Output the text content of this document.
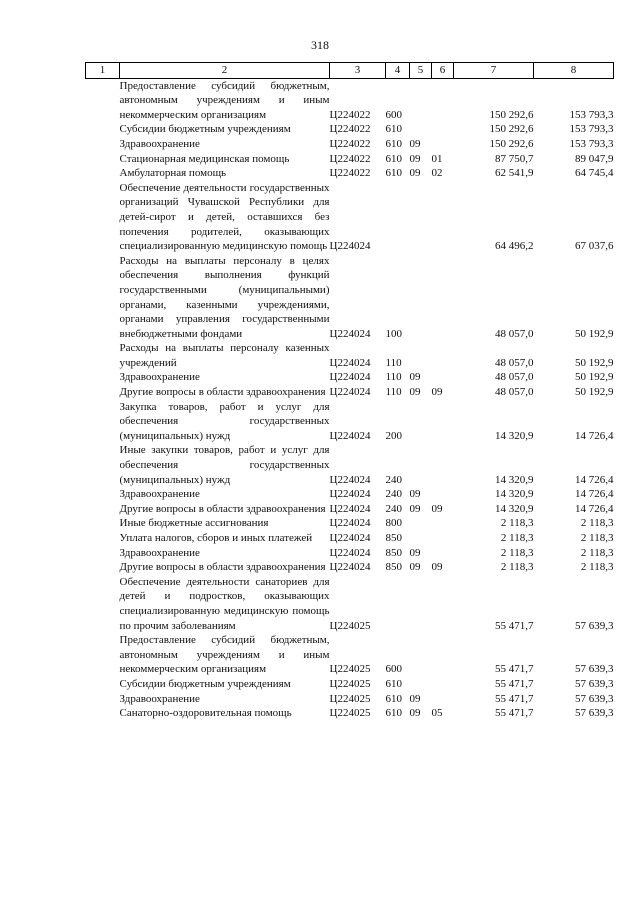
318
1	2	3	4	5	6	7	8
	Предоставление субсидий бюджетным, автономным учреждениям и иным некоммерческим организациям	Ц224022	600			150 292,6	153 793,3
	Субсидии бюджетным учреждениям	Ц224022	610			150 292,6	153 793,3
	Здравоохранение	Ц224022	610	09		150 292,6	153 793,3
	Стационарная медицинская помощь	Ц224022	610	09	01	87 750,7	89 047,9
	Амбулаторная помощь	Ц224022	610	09	02	62 541,9	64 745,4
	Обеспечение деятельности государственных организаций Чувашской Республики для детей-сирот и детей, оставшихся без попечения родителей, оказывающих специализированную медицинскую помощь	Ц224024				64 496,2	67 037,6
	Расходы на выплаты персоналу в целях обеспечения выполнения функций государственными (муниципальными) органами, казенными учреждениями, органами управления государственными внебюджетными фондами	Ц224024	100			48 057,0	50 192,9
	Расходы на выплаты персоналу казенных учреждений	Ц224024	110			48 057,0	50 192,9
	Здравоохранение	Ц224024	110	09		48 057,0	50 192,9
	Другие вопросы в области здравоохранения	Ц224024	110	09	09	48 057,0	50 192,9
	Закупка товаров, работ и услуг для обеспечения государственных (муниципальных) нужд	Ц224024	200			14 320,9	14 726,4
	Иные закупки товаров, работ и услуг для обеспечения государственных (муниципальных) нужд	Ц224024	240			14 320,9	14 726,4
	Здравоохранение	Ц224024	240	09		14 320,9	14 726,4
	Другие вопросы в области здравоохранения	Ц224024	240	09	09	14 320,9	14 726,4
	Иные бюджетные ассигнования	Ц224024	800			2 118,3	2 118,3
	Уплата налогов, сборов и иных платежей	Ц224024	850			2 118,3	2 118,3
	Здравоохранение	Ц224024	850	09		2 118,3	2 118,3
	Другие вопросы в области здравоохранения	Ц224024	850	09	09	2 118,3	2 118,3
	Обеспечение деятельности санаториев для детей и подростков, оказывающих специализированную медицинскую помощь по прочим заболеваниям	Ц224025				55 471,7	57 639,3
	Предоставление субсидий бюджетным, автономным учреждениям и иным некоммерческим организациям	Ц224025	600			55 471,7	57 639,3
	Субсидии бюджетным учреждениям	Ц224025	610			55 471,7	57 639,3
	Здравоохранение	Ц224025	610	09		55 471,7	57 639,3
	Санаторно-оздоровительная помощь	Ц224025	610	09	05	55 471,7	57 639,3
